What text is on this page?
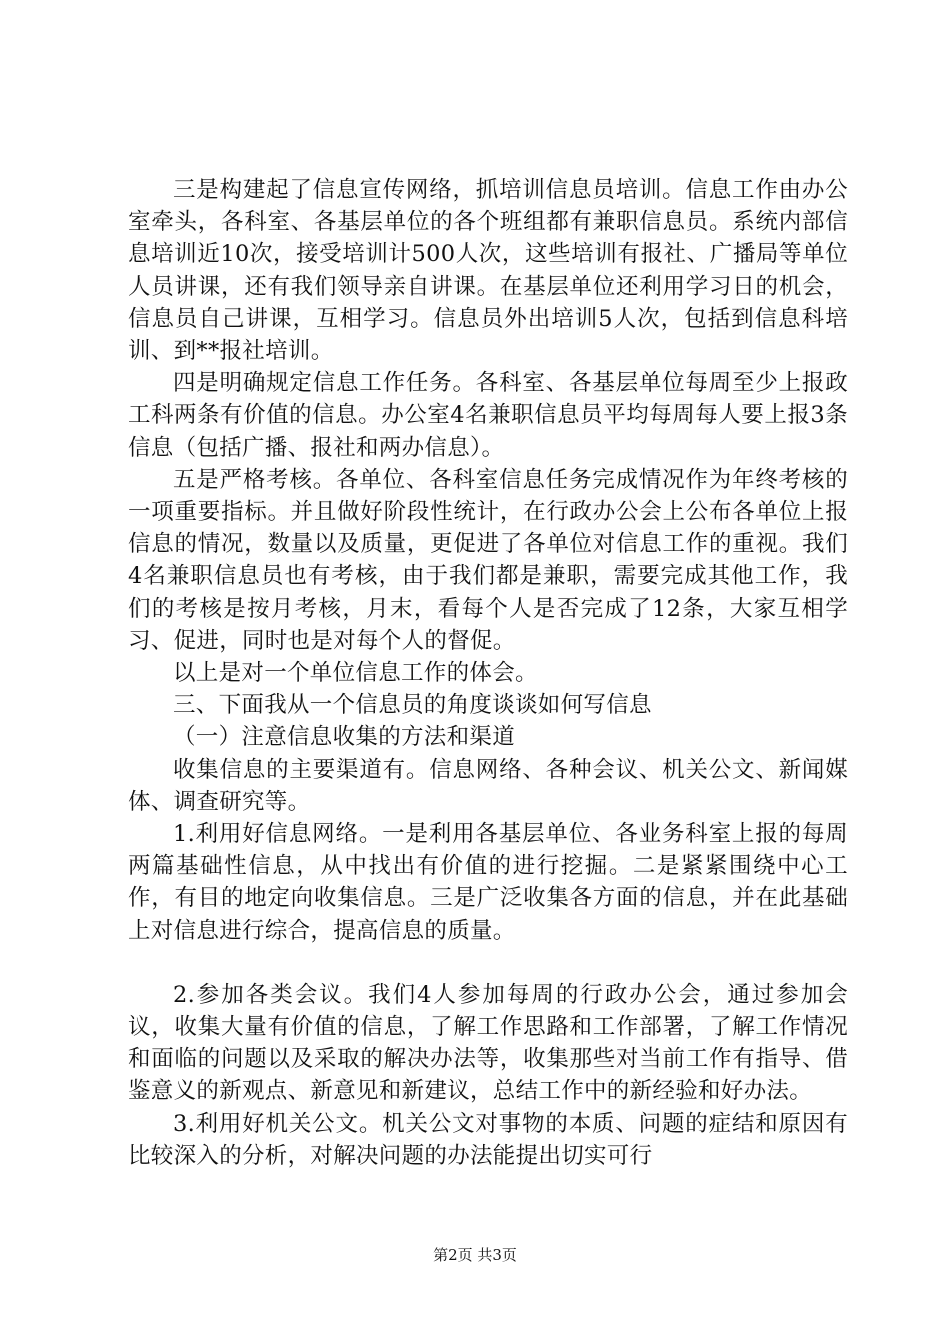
三是构建起了信息宣传网络，抓培训信息员培训。信息工作由办公室牵头，各科室、各基层单位的各个班组都有兼职信息员。系统内部信息培训近10次，接受培训计500人次，这些培训有报社、广播局等单位人员讲课，还有我们领导亲自讲课。在基层单位还利用学习日的机会，信息员自己讲课，互相学习。信息员外出培训5人次，包括到信息科培训、到**报社培训。

四是明确规定信息工作任务。各科室、各基层单位每周至少上报政工科两条有价值的信息。办公室4名兼职信息员平均每周每人要上报3条信息（包括广播、报社和两办信息）。

五是严格考核。各单位、各科室信息任务完成情况作为年终考核的一项重要指标。并且做好阶段性统计，在行政办公会上公布各单位上报信息的情况，数量以及质量，更促进了各单位对信息工作的重视。我们4名兼职信息员也有考核，由于我们都是兼职，需要完成其他工作，我们的考核是按月考核，月末，看每个人是否完成了12条，大家互相学习、促进，同时也是对每个人的督促。

以上是对一个单位信息工作的体会。

三、下面我从一个信息员的角度谈谈如何写信息

（一）注意信息收集的方法和渠道

收集信息的主要渠道有。信息网络、各种会议、机关公文、新闻媒体、调查研究等。

1.利用好信息网络。一是利用各基层单位、各业务科室上报的每周两篇基础性信息，从中找出有价值的进行挖掘。二是紧紧围绕中心工作，有目的地定向收集信息。三是广泛收集各方面的信息，并在此基础上对信息进行综合，提高信息的质量。

2.参加各类会议。我们4人参加每周的行政办公会，通过参加会议，收集大量有价值的信息，了解工作思路和工作部署，了解工作情况和面临的问题以及采取的解决办法等，收集那些对当前工作有指导、借鉴意义的新观点、新意见和新建议，总结工作中的新经验和好办法。

3.利用好机关公文。机关公文对事物的本质、问题的症结和原因有比较深入的分析，对解决问题的办法能提出切实可行

第2页 共3页
